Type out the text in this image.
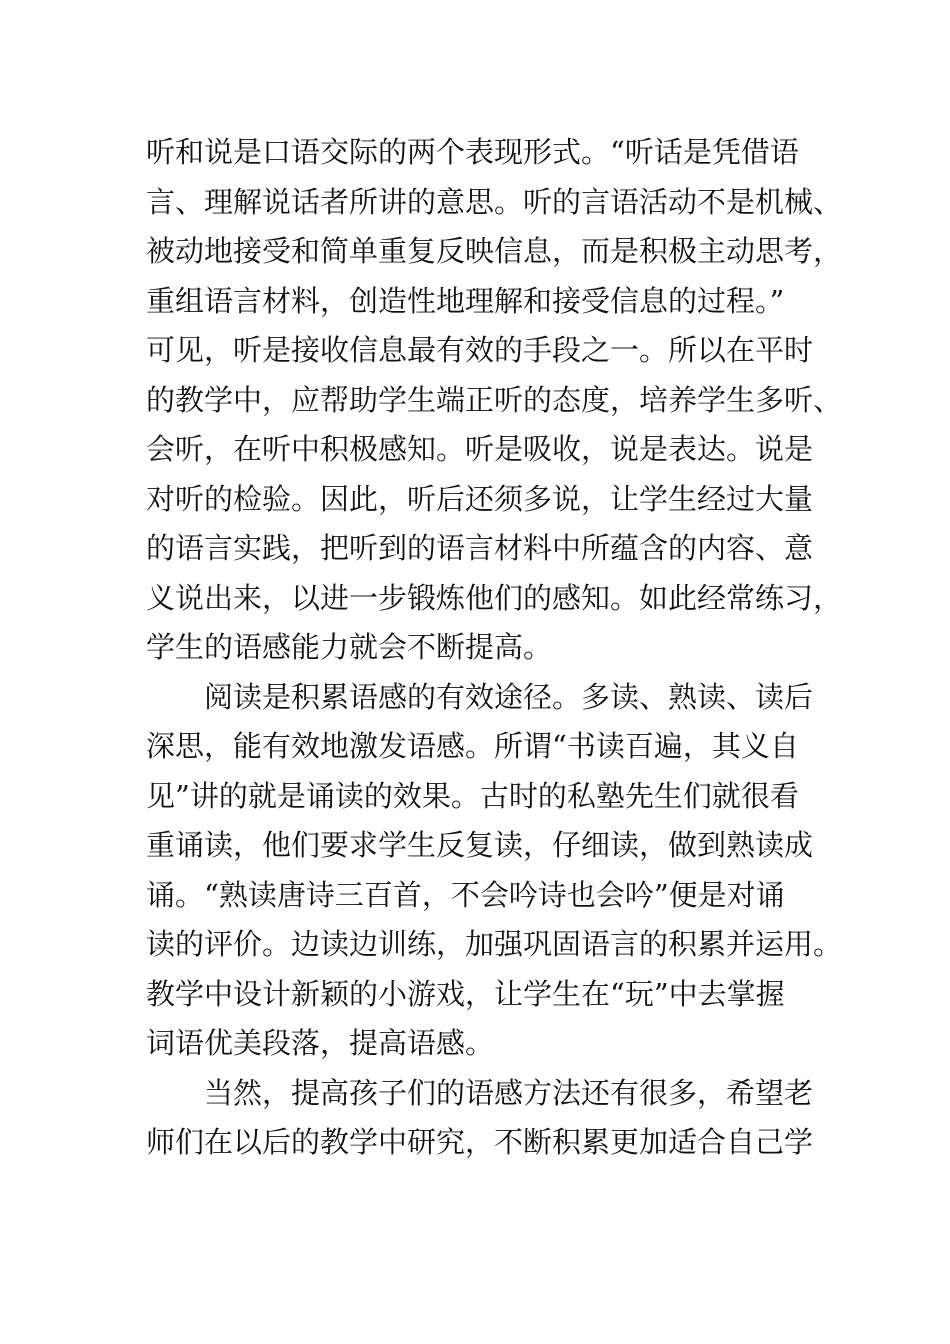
听和说是口语交际的两个表现形式。“听话是凭借语
言、理解说话者所讲的意思。听的言语活动不是机械、
被动地接受和简单重复反映信息，而是积极主动思考，
重组语言材料，创造性地理解和接受信息的过程。”
可见，听是接收信息最有效的手段之一。所以在平时
的教学中，应帮助学生端正听的态度，培养学生多听、
会听，在听中积极感知。听是吸收，说是表达。说是
对听的检验。因此，听后还须多说，让学生经过大量
的语言实践，把听到的语言材料中所蕴含的内容、意
义说出来，以进一步锻炼他们的感知。如此经常练习，
学生的语感能力就会不断提高。
　　阅读是积累语感的有效途径。多读、熟读、读后
深思，能有效地激发语感。所谓“书读百遍，其义自
见”讲的就是诵读的效果。古时的私塾先生们就很看
重诵读，他们要求学生反复读，仔细读，做到熟读成
诵。“熟读唐诗三百首，不会吟诗也会吟”便是对诵
读的评价。边读边训练，加强巩固语言的积累并运用。
教学中设计新颖的小游戏，让学生在“玩”中去掌握
词语优美段落，提高语感。
　　当然，提高孩子们的语感方法还有很多，希望老
师们在以后的教学中研究，不断积累更加适合自己学
